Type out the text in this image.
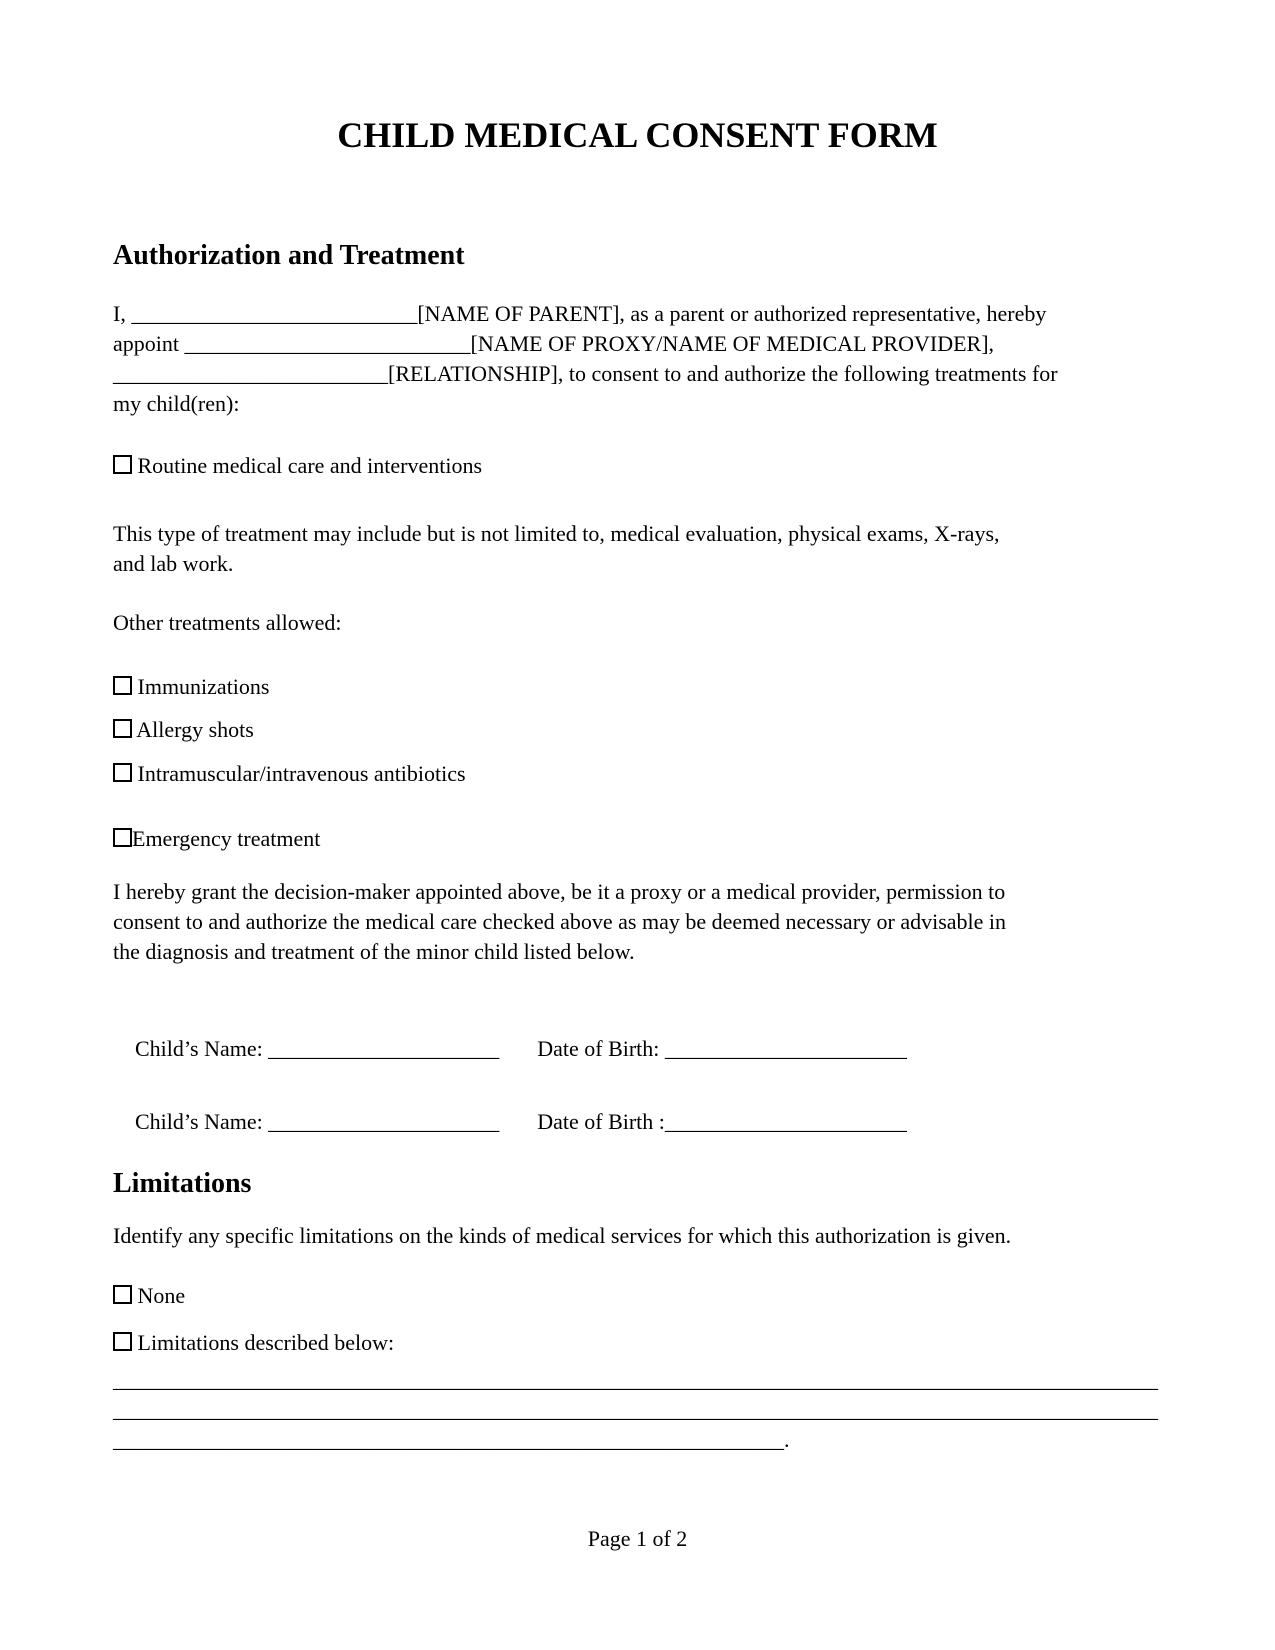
CHILD MEDICAL CONSENT FORM
Authorization and Treatment
I, __________________________[NAME OF PARENT], as a parent or authorized representative, hereby
appoint __________________________[NAME OF PROXY/NAME OF MEDICAL PROVIDER],
_________________________[RELATIONSHIP], to consent to and authorize the following treatments for
my child(ren):
Routine medical care and interventions
This type of treatment may include but is not limited to, medical evaluation, physical exams, X-rays,
and lab work.
Other treatments allowed:
Immunizations
Allergy shots
Intramuscular/intravenous antibiotics
Emergency treatment
I hereby grant the decision-maker appointed above, be it a proxy or a medical provider, permission to
consent to and authorize the medical care checked above as may be deemed necessary or advisable in
the diagnosis and treatment of the minor child listed below.

Child’s Name: _____________________ Date of Birth: ______________________

Child’s Name: _____________________ Date of Birth :______________________

Limitations
Identify any specific limitations on the kinds of medical services for which this authorization is given.
None
Limitations described below:
_______________________________________________________________________________________________
_______________________________________________________________________________________________
_____________________________________________________________.
Page 1 of 2
